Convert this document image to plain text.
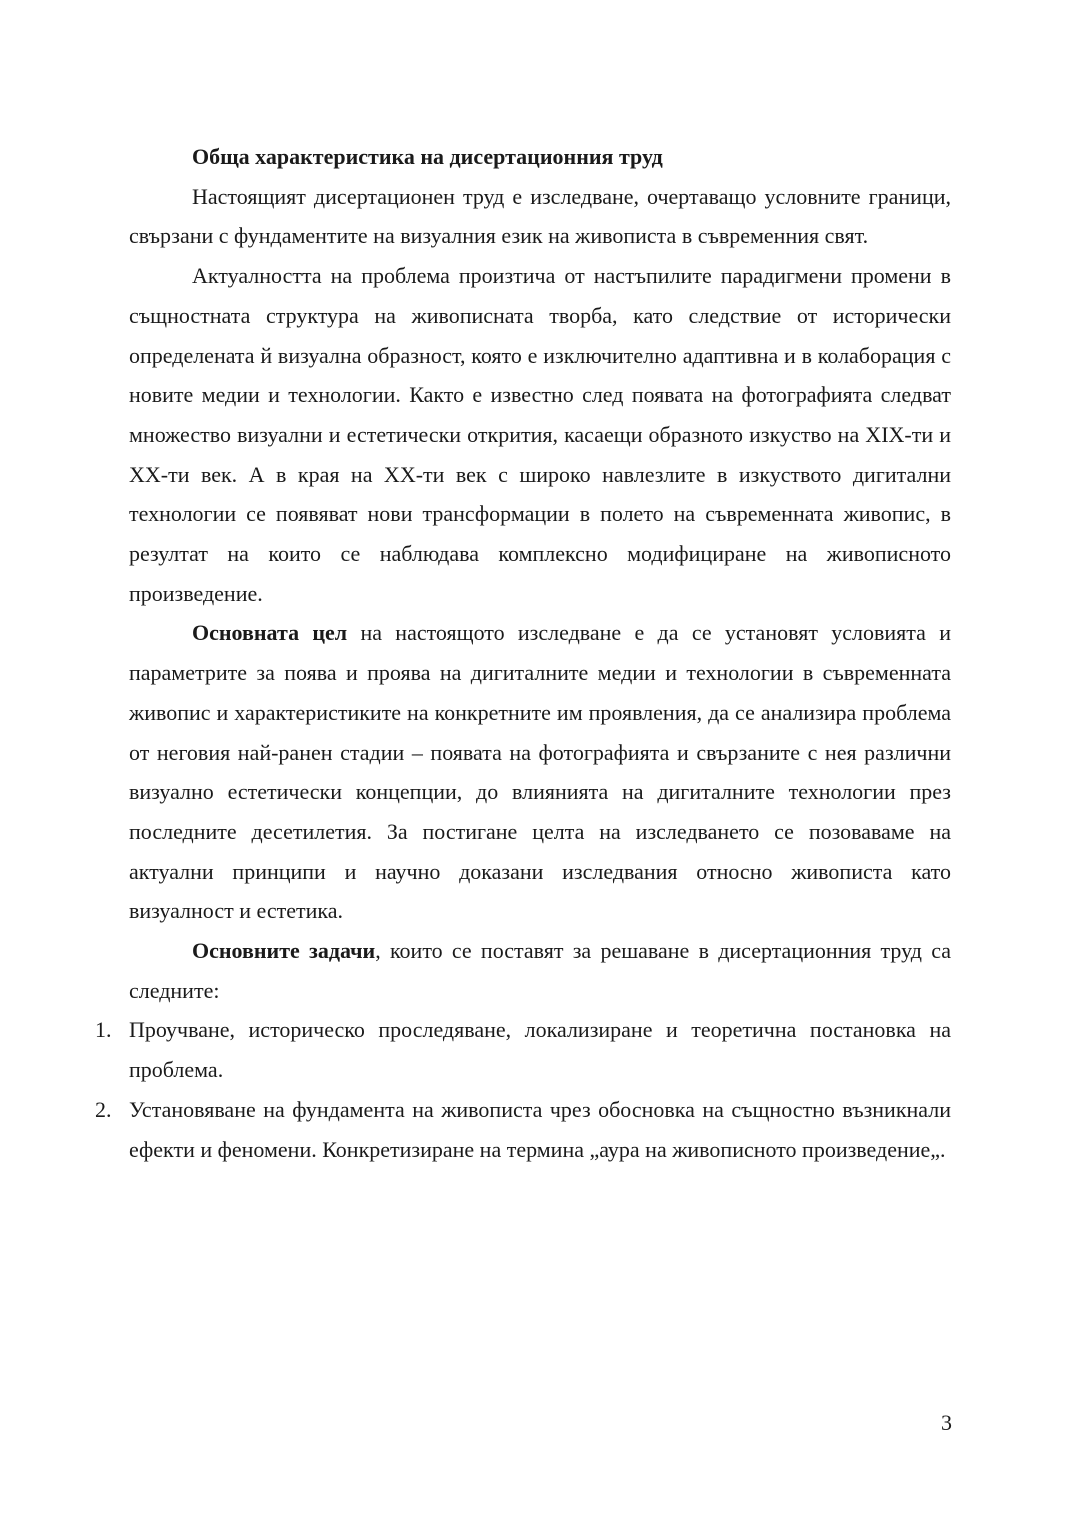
Обща характеристика на дисертационния труд

Настоящият дисертационен труд е изследване, очертаващо условните граници, свързани с фундаментите на визуалния език на живописта в съвременния свят.

Актуалността на проблема произтича от настъпилите парадигмени промени в същностната структура на живописната творба, като следствие от исторически определената й визуална образност, която е изключително адаптивна и в колаборация с новите медии и технологии. Както е известно след появата на фотографията следват множество визуални и естетически открития, касаещи образното изкуство на XIX-ти и XX-ти век. А в края на XX-ти век с широко навлезлите в изкуството дигитални технологии се появяват нови трансформации в полето на съвременната живопис, в резултат на които се наблюдава комплексно модифициране на живописното произведение.

Основната цел на настоящото изследване е да се установят условията и параметрите за поява и проява на дигиталните медии и технологии в съвременната живопис и характеристиките на конкретните им проявления, да се анализира проблема от неговия най-ранен стадии – появата на фотографията и свързаните с нея различни визуално естетически концепции, до влиянията на дигиталните технологии през последните десетилетия. За постигане целта на изследването се позоваваме на актуални принципи и научно доказани изследвания относно живописта като визуалност и естетика.

Основните задачи, които се поставят за решаване в дисертационния труд са следните:

1. Проучване, историческо проследяване, локализиране и теоретична постановка на проблема.
2. Установяване на фундамента на живописта чрез обосновка на същностно възникнали ефекти и феномени. Конкретизиране на термина „аура на живописното произведение„.
3
